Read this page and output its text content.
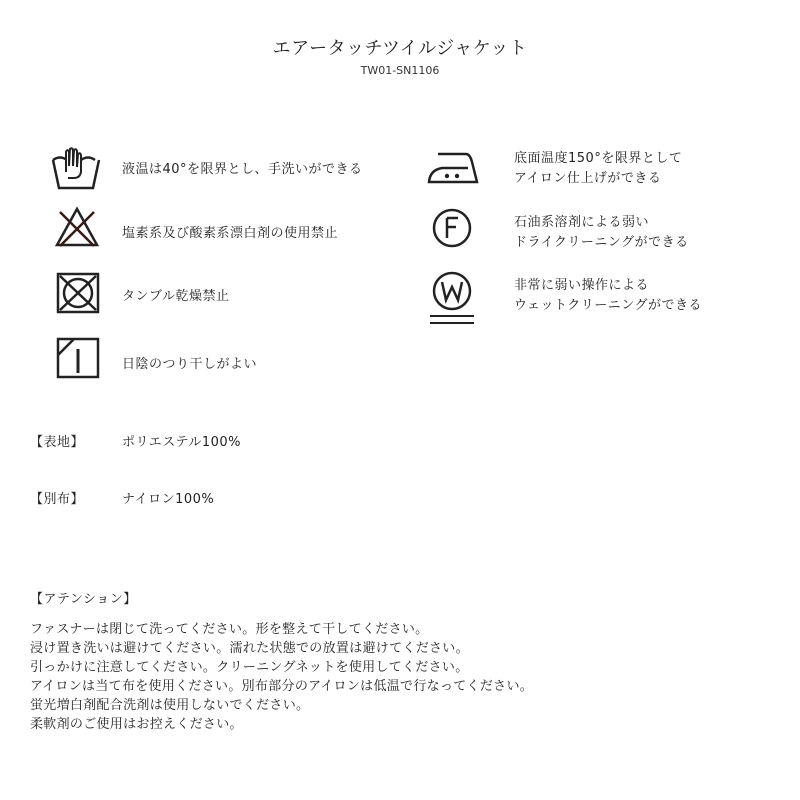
エアータッチツイルジャケット
TW01-SN1106
液温は40°を限界とし、手洗いができる
塩素系及び酸素系漂白剤の使用禁止
タンブル乾燥禁止
日陰のつり干しがよい
底面温度150°を限界として
アイロン仕上げができる
石油系溶剤による弱い
ドライクリーニングができる
非常に弱い操作による
ウェットクリーニングができる
【表地】	ポリエステル100%
【別布】	ナイロン100%
【アテンション】
ファスナーは閉じて洗ってください。形を整えて干してください。
浸け置き洗いは避けてください。濡れた状態での放置は避けてください。
引っかけに注意してください。クリーニングネットを使用してください。
アイロンは当て布を使用ください。別布部分のアイロンは低温で行なってください。
蛍光増白剤配合洗剤は使用しないでください。
柔軟剤のご使用はお控えください。
